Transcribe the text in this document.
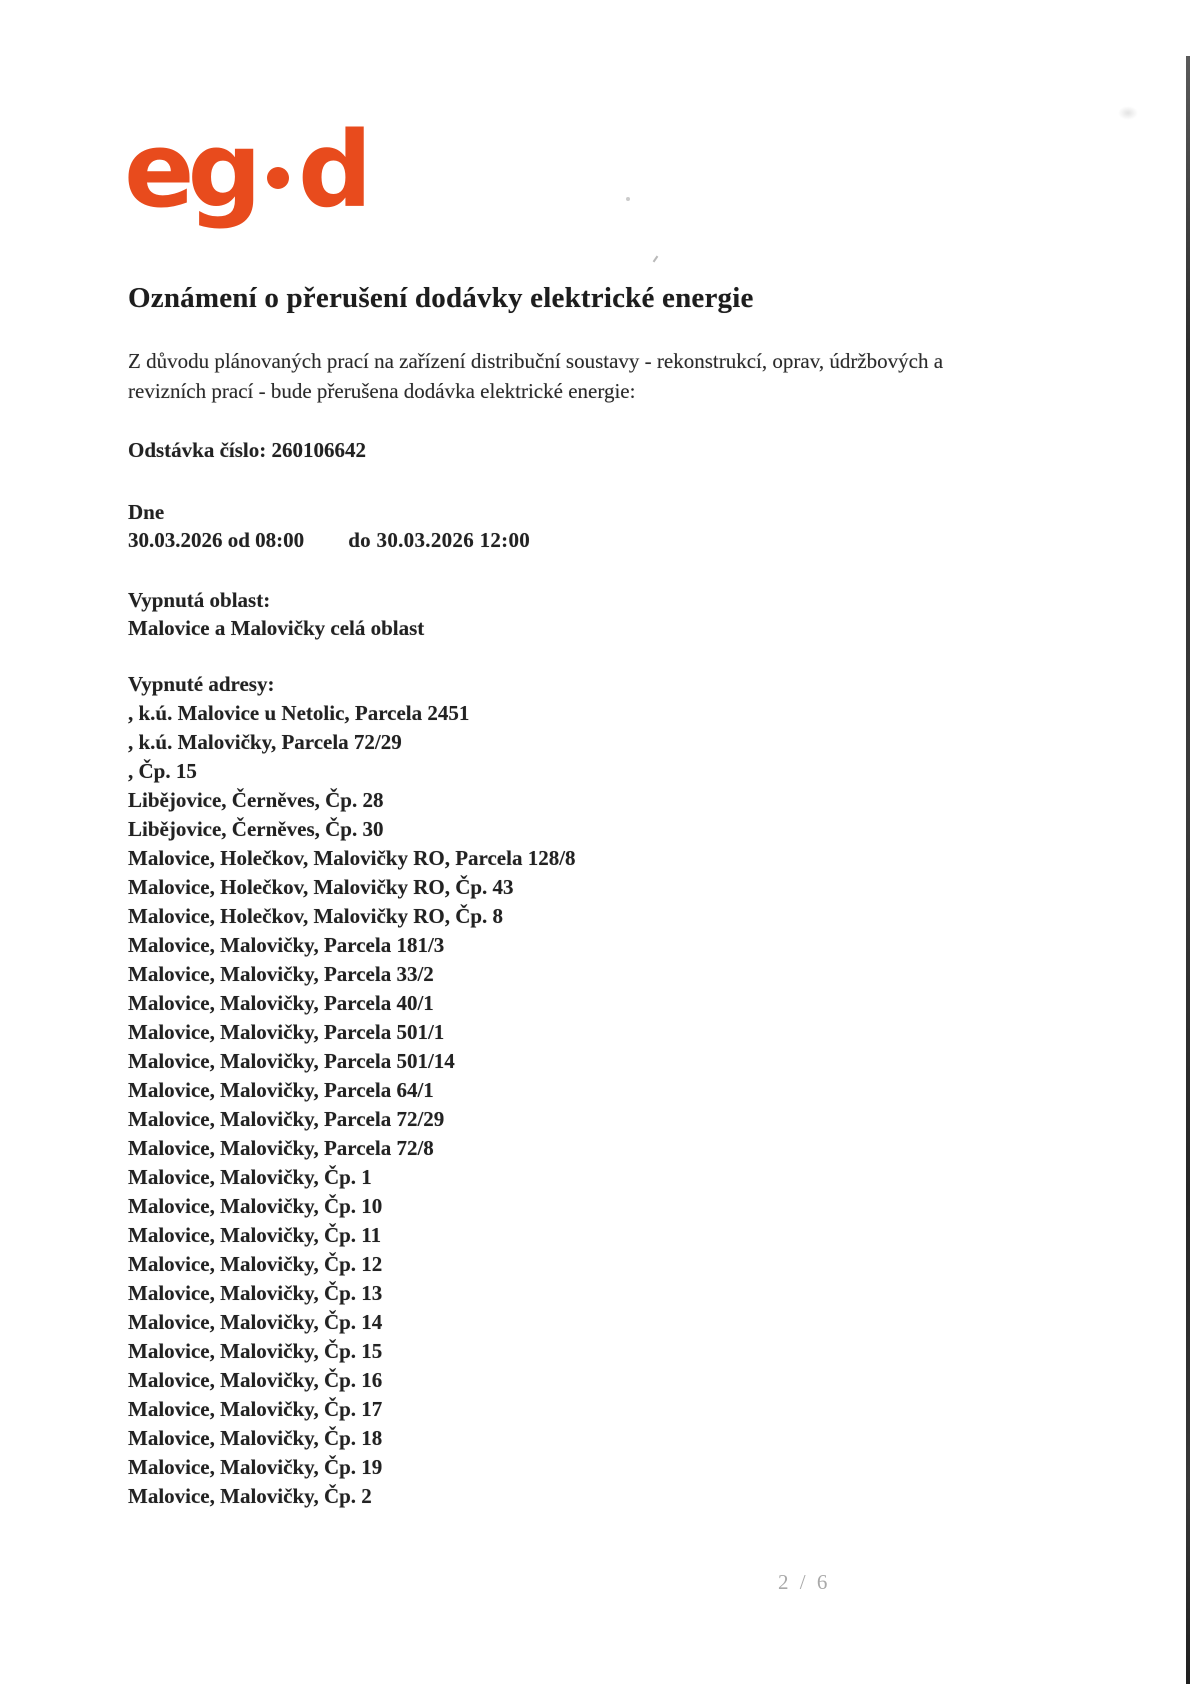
eg d
Oznámení o přerušení dodávky elektrické energie

Z důvodu plánovaných prací na zařízení distribuční soustavy - rekonstrukcí, oprav, údržbových a revizních prací - bude přerušena dodávka elektrické energie:

Odstávka číslo: 260106642
Dne
30.03.2026 od 08:00 do 30.03.2026 12:00
Vypnutá oblast:
Malovice a Malovičky celá oblast
Vypnuté adresy:
, k.ú. Malovice u Netolic, Parcela 2451
, k.ú. Malovičky, Parcela 72/29
, Čp. 15
Libějovice, Černěves, Čp. 28
Libějovice, Černěves, Čp. 30
Malovice, Holečkov, Malovičky RO, Parcela 128/8
Malovice, Holečkov, Malovičky RO, Čp. 43
Malovice, Holečkov, Malovičky RO, Čp. 8
Malovice, Malovičky, Parcela 181/3
Malovice, Malovičky, Parcela 33/2
Malovice, Malovičky, Parcela 40/1
Malovice, Malovičky, Parcela 501/1
Malovice, Malovičky, Parcela 501/14
Malovice, Malovičky, Parcela 64/1
Malovice, Malovičky, Parcela 72/29
Malovice, Malovičky, Parcela 72/8
Malovice, Malovičky, Čp. 1
Malovice, Malovičky, Čp. 10
Malovice, Malovičky, Čp. 11
Malovice, Malovičky, Čp. 12
Malovice, Malovičky, Čp. 13
Malovice, Malovičky, Čp. 14
Malovice, Malovičky, Čp. 15
Malovice, Malovičky, Čp. 16
Malovice, Malovičky, Čp. 17
Malovice, Malovičky, Čp. 18
Malovice, Malovičky, Čp. 19
Malovice, Malovičky, Čp. 2
2 / 6
